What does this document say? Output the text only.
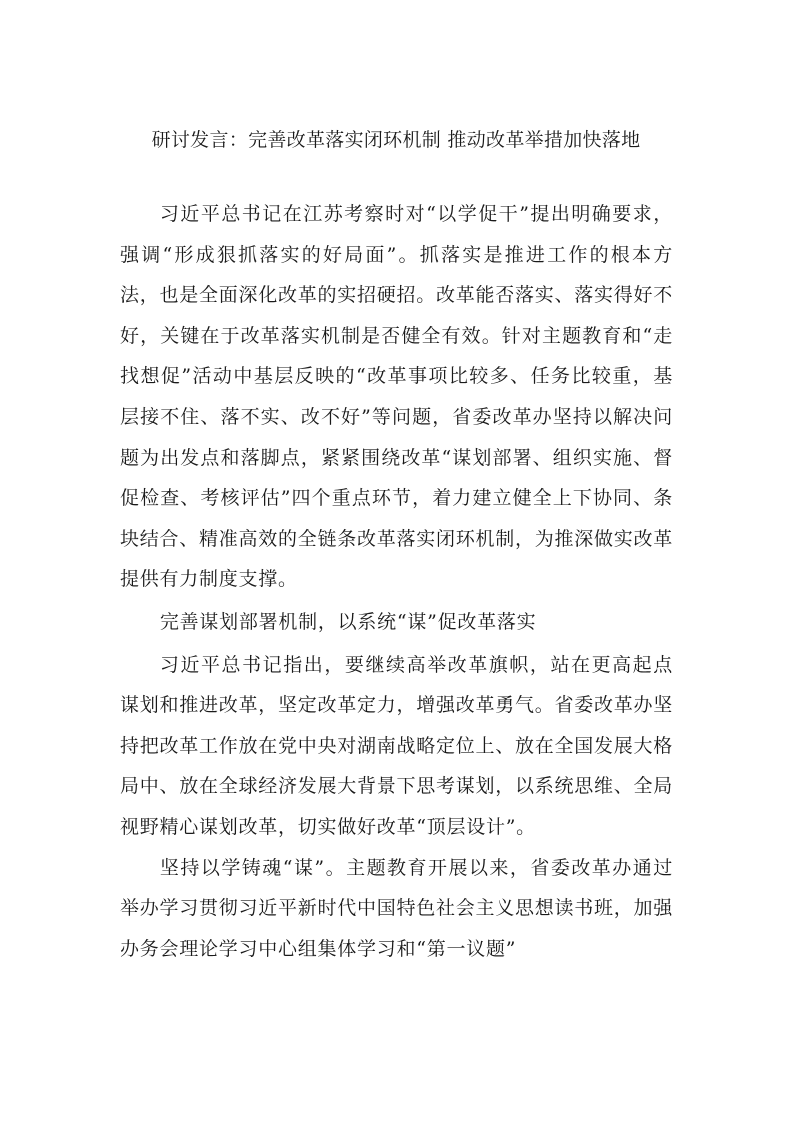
研讨发言：完善改革落实闭环机制 推动改革举措加快落地

习近平总书记在江苏考察时对“以学促干”提出明确要求，强调“形成狠抓落实的好局面”。抓落实是推进工作的根本方法，也是全面深化改革的实招硬招。改革能否落实、落实得好不好，关键在于改革落实机制是否健全有效。针对主题教育和“走找想促”活动中基层反映的“改革事项比较多、任务比较重，基层接不住、落不实、改不好”等问题，省委改革办坚持以解决问题为出发点和落脚点，紧紧围绕改革“谋划部署、组织实施、督促检查、考核评估”四个重点环节，着力建立健全上下协同、条块结合、精准高效的全链条改革落实闭环机制，为推深做实改革提供有力制度支撑。

完善谋划部署机制，以系统“谋”促改革落实

习近平总书记指出，要继续高举改革旗帜，站在更高起点谋划和推进改革，坚定改革定力，增强改革勇气。省委改革办坚持把改革工作放在党中央对湖南战略定位上、放在全国发展大格局中、放在全球经济发展大背景下思考谋划，以系统思维、全局视野精心谋划改革，切实做好改革“顶层设计”。

坚持以学铸魂“谋”。主题教育开展以来，省委改革办通过举办学习贯彻习近平新时代中国特色社会主义思想读书班，加强办务会理论学习中心组集体学习和“第一议题”
